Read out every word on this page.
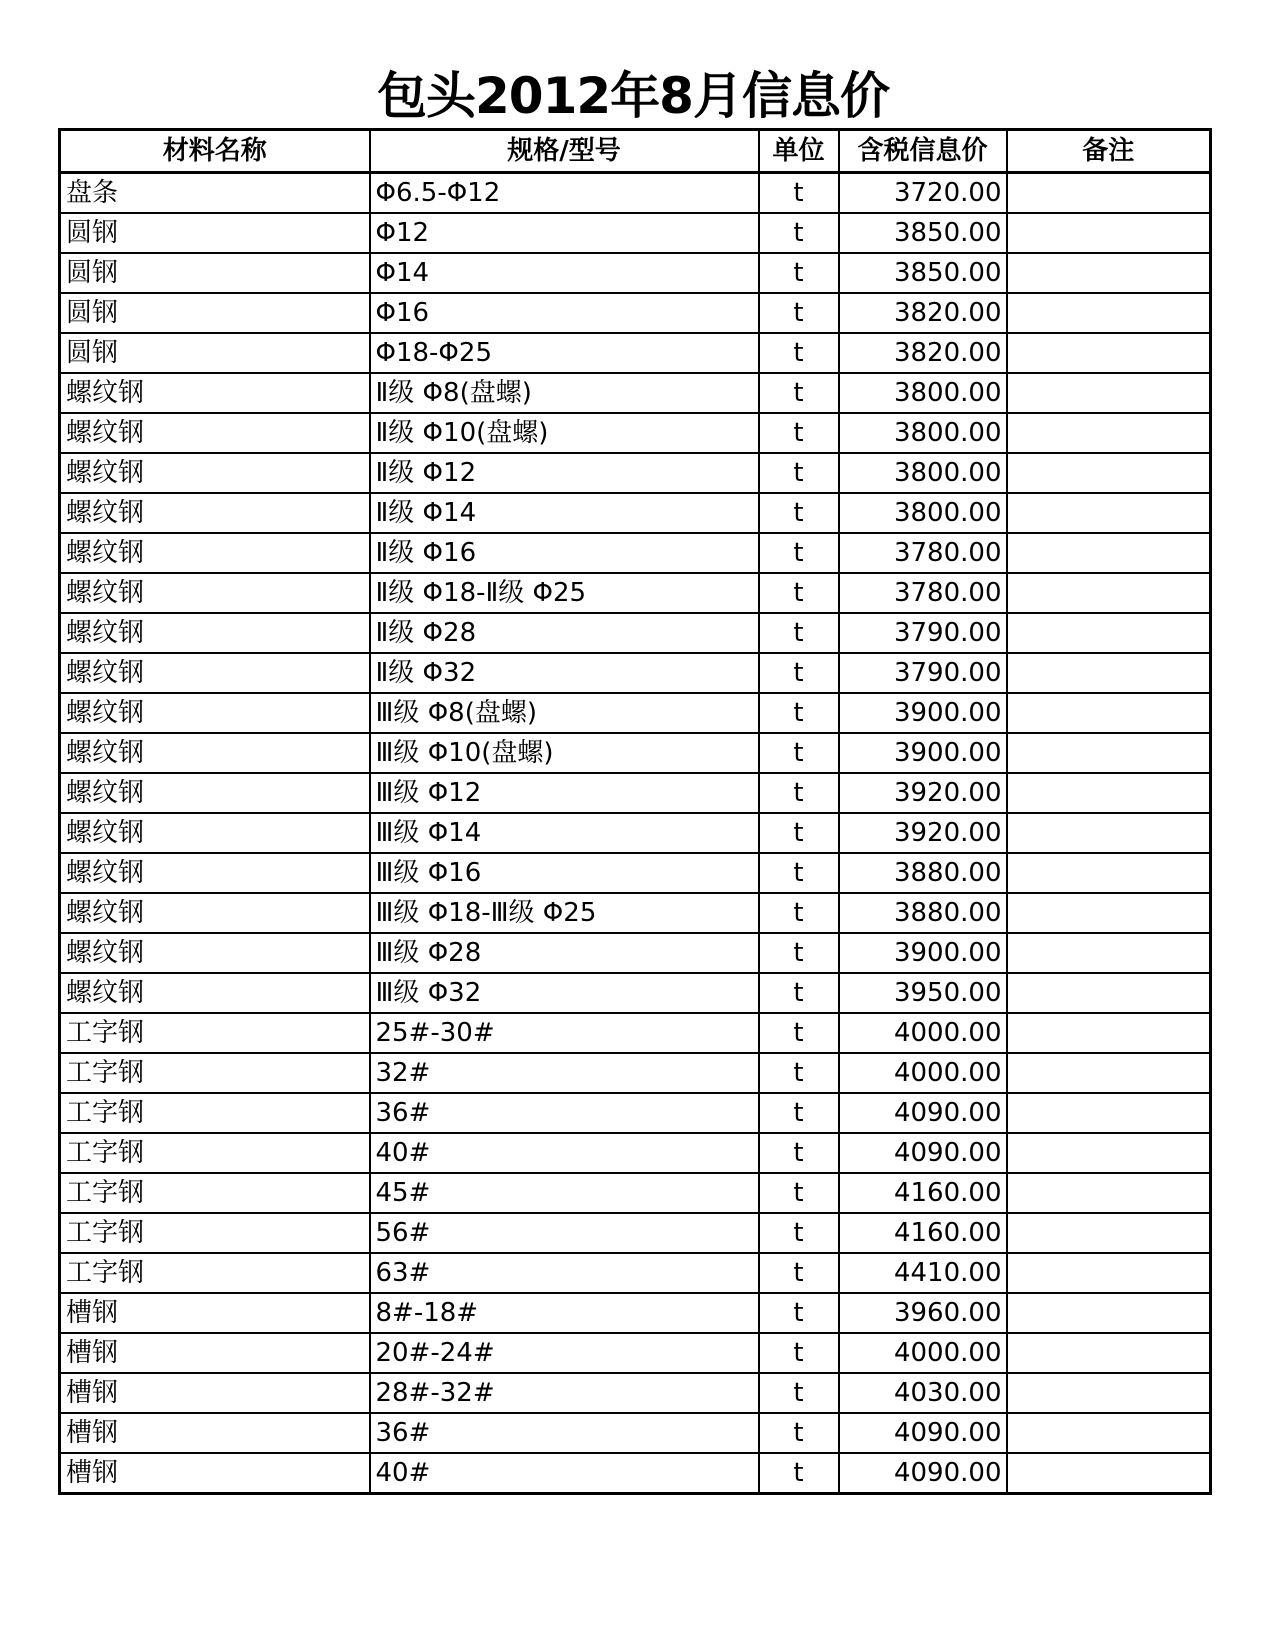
包头2012年8月信息价
材料名称	规格/型号	单位	含税信息价	备注
盘条	Φ6.5-Φ12	t	3720.00	
圆钢	Φ12	t	3850.00	
圆钢	Φ14	t	3850.00	
圆钢	Φ16	t	3820.00	
圆钢	Φ18-Φ25	t	3820.00	
螺纹钢	Ⅱ级 Φ8(盘螺)	t	3800.00	
螺纹钢	Ⅱ级 Φ10(盘螺)	t	3800.00	
螺纹钢	Ⅱ级 Φ12	t	3800.00	
螺纹钢	Ⅱ级 Φ14	t	3800.00	
螺纹钢	Ⅱ级 Φ16	t	3780.00	
螺纹钢	Ⅱ级 Φ18-Ⅱ级 Φ25	t	3780.00	
螺纹钢	Ⅱ级 Φ28	t	3790.00	
螺纹钢	Ⅱ级 Φ32	t	3790.00	
螺纹钢	Ⅲ级 Φ8(盘螺)	t	3900.00	
螺纹钢	Ⅲ级 Φ10(盘螺)	t	3900.00	
螺纹钢	Ⅲ级 Φ12	t	3920.00	
螺纹钢	Ⅲ级 Φ14	t	3920.00	
螺纹钢	Ⅲ级 Φ16	t	3880.00	
螺纹钢	Ⅲ级 Φ18-Ⅲ级 Φ25	t	3880.00	
螺纹钢	Ⅲ级 Φ28	t	3900.00	
螺纹钢	Ⅲ级 Φ32	t	3950.00	
工字钢	25#-30#	t	4000.00	
工字钢	32#	t	4000.00	
工字钢	36#	t	4090.00	
工字钢	40#	t	4090.00	
工字钢	45#	t	4160.00	
工字钢	56#	t	4160.00	
工字钢	63#	t	4410.00	
槽钢	8#-18#	t	3960.00	
槽钢	20#-24#	t	4000.00	
槽钢	28#-32#	t	4030.00	
槽钢	36#	t	4090.00	
槽钢	40#	t	4090.00	
